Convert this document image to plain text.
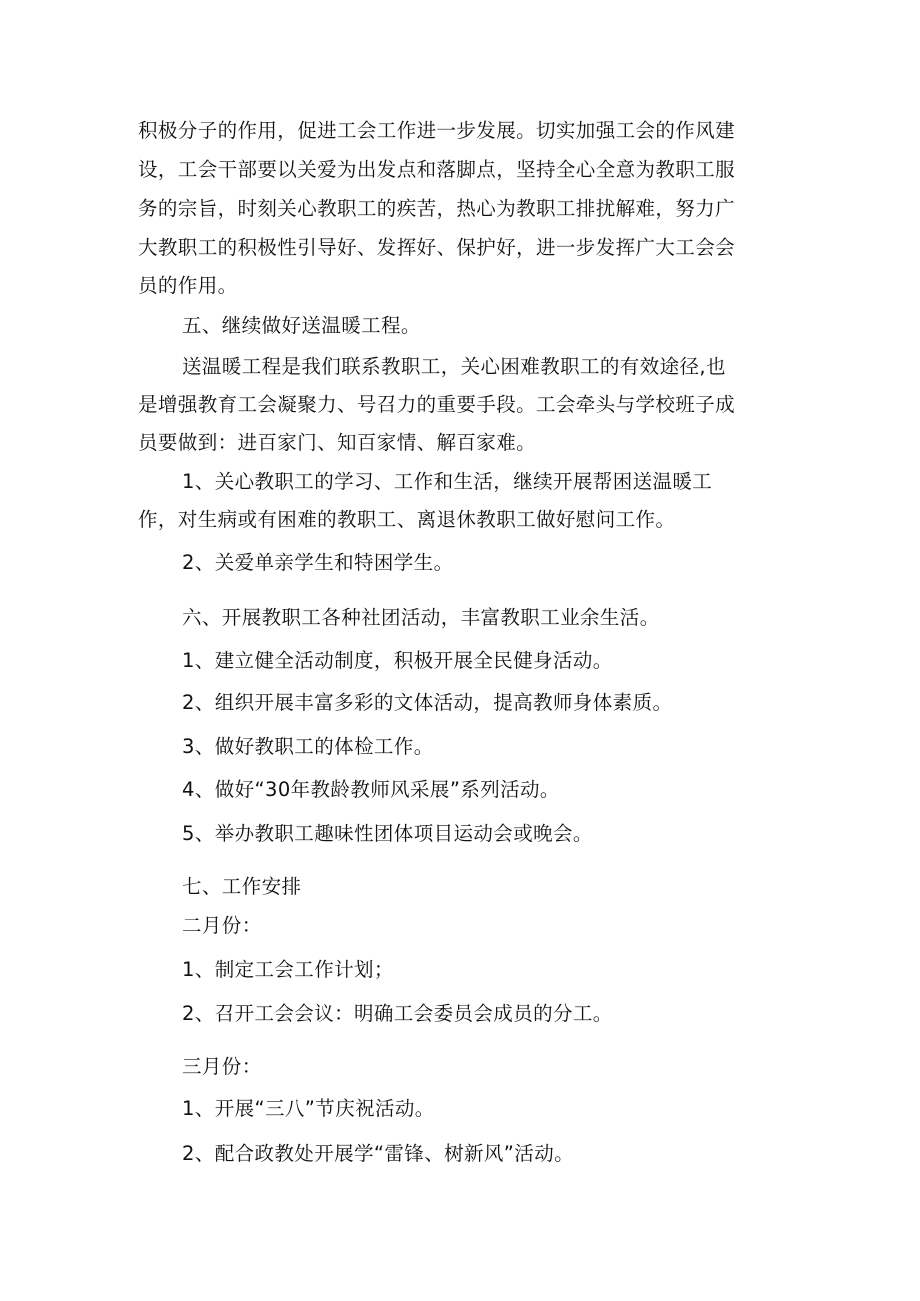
积极分子的作用，促进工会工作进一步发展。切实加强工会的作风建
设，工会干部要以关爱为出发点和落脚点，坚持全心全意为教职工服
务的宗旨，时刻关心教职工的疾苦，热心为教职工排扰解难，努力广
大教职工的积极性引导好、发挥好、保护好，进一步发挥广大工会会
员的作用。
五、继续做好送温暖工程。
送温暖工程是我们联系教职工，关心困难教职工的有效途径,也
是增强教育工会凝聚力、号召力的重要手段。工会牵头与学校班子成
员要做到：进百家门、知百家情、解百家难。
1、关心教职工的学习、工作和生活，继续开展帮困送温暖工
作，对生病或有困难的教职工、离退休教职工做好慰问工作。
2、关爱单亲学生和特困学生。
六、开展教职工各种社团活动，丰富教职工业余生活。
1、建立健全活动制度，积极开展全民健身活动。
2、组织开展丰富多彩的文体活动，提高教师身体素质。
3、做好教职工的体检工作。
4、做好“30年教龄教师风采展”系列活动。
5、举办教职工趣味性团体项目运动会或晚会。
七、工作安排
二月份：
1、制定工会工作计划；
2、召开工会会议：明确工会委员会成员的分工。
三月份：
1、开展“三八”节庆祝活动。
2、配合政教处开展学“雷锋、树新风”活动。
